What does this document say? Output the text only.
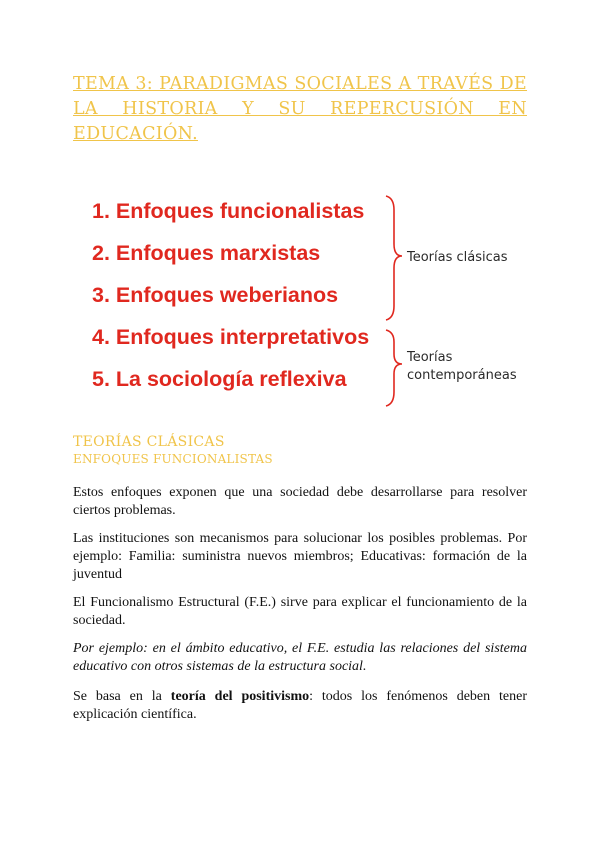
TEMA 3: PARADIGMAS SOCIALES A TRAVÉS DE LA HISTORIA Y SU REPERCUSIÓN EN EDUCACIÓN.

1. Enfoques funcionalistas
2. Enfoques marxistas
3. Enfoques weberianos
4. Enfoques interpretativos
5. La sociología reflexiva
Teorías clásicas
Teorías
contemporáneas
TEORÍAS CLÁSICAS
ENFOQUES FUNCIONALISTAS

Estos enfoques exponen que una sociedad debe desarrollarse para resolver ciertos problemas.

Las instituciones son mecanismos para solucionar los posibles problemas. Por ejemplo: Familia: suministra nuevos miembros; Educativas: formación de la juventud

El Funcionalismo Estructural (F.E.) sirve para explicar el funcionamiento de la sociedad.

Por ejemplo: en el ámbito educativo, el F.E. estudia las relaciones del sistema educativo con otros sistemas de la estructura social.

Se basa en la teoría del positivismo: todos los fenómenos deben tener explicación científica.
